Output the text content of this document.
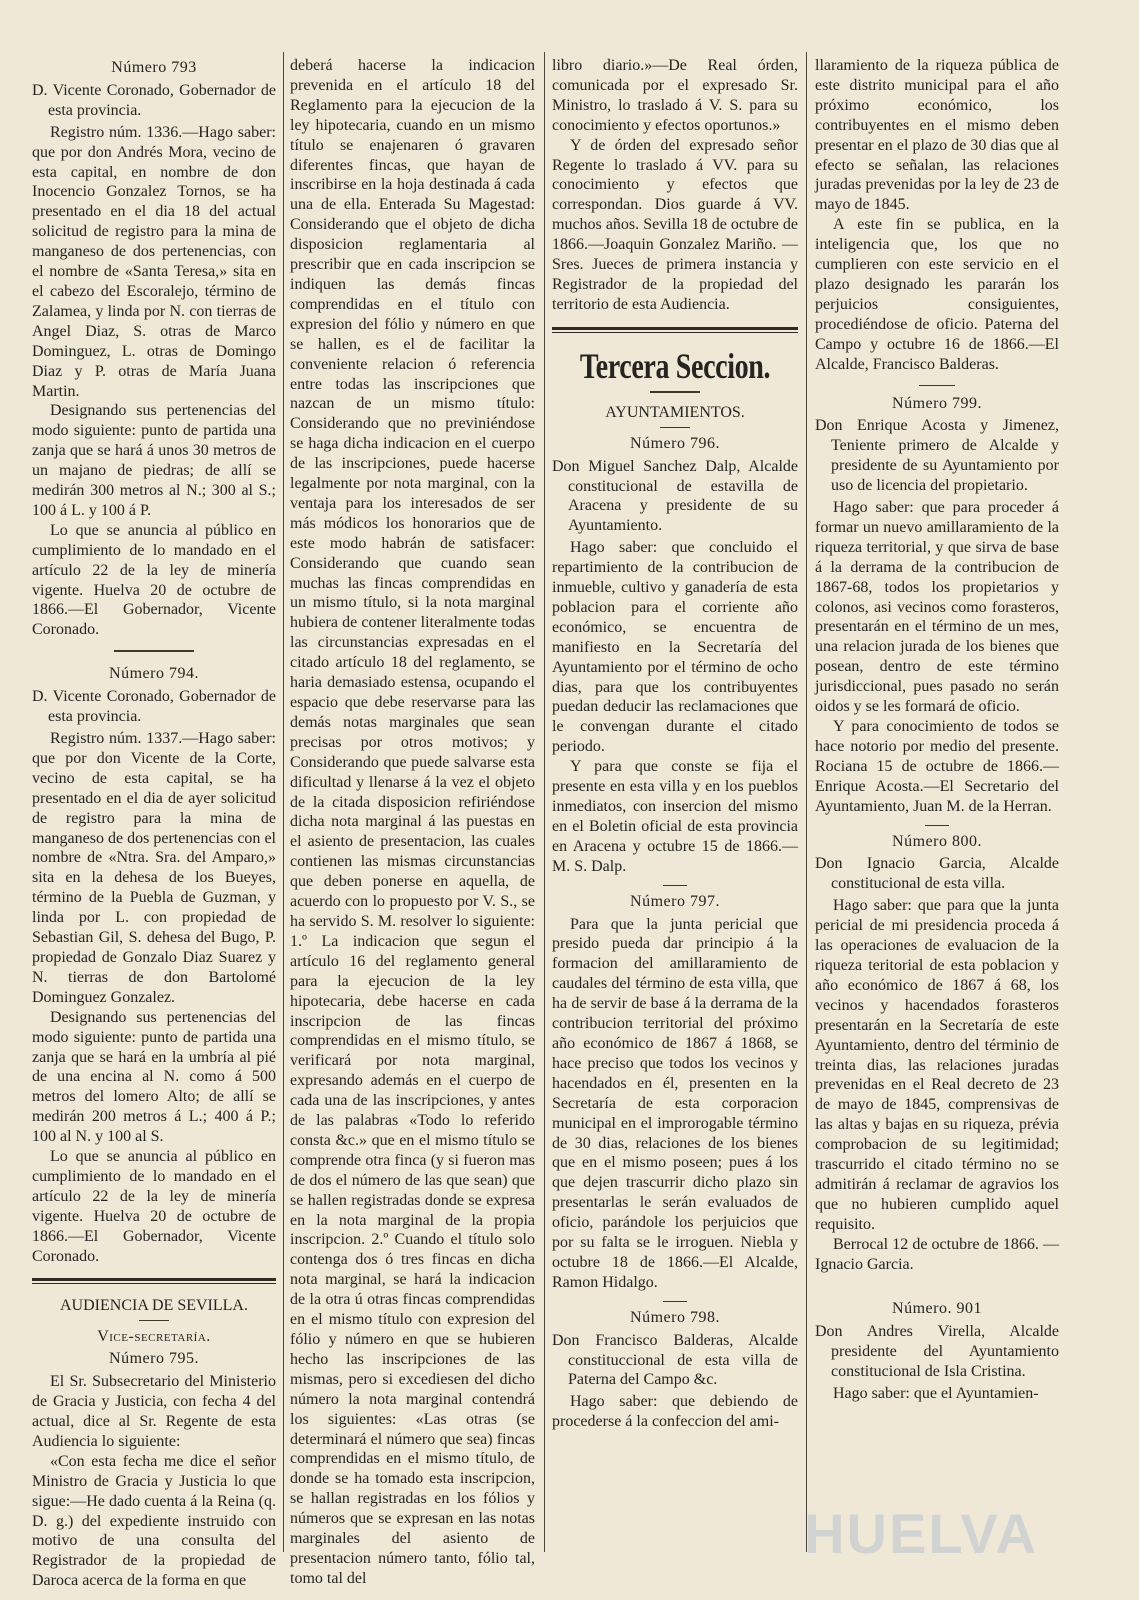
Número 793

D. Vicente Coronado, Gobernador de esta provincia.

Registro núm. 1336.—Hago saber: que por don Andrés Mora, vecino de esta capital, en nombre de don Inocencio Gonzalez Tornos, se ha presentado en el dia 18 del actual solicitud de registro para la mina de manganeso de dos pertenencias, con el nombre de «Santa Teresa,» sita en el cabezo del Escoralejo, término de Zalamea, y linda por N. con tierras de Angel Diaz, S. otras de Marco Dominguez, L. otras de Domingo Diaz y P. otras de María Juana Martin.

Designando sus pertenencias del modo siguiente: punto de partida una zanja que se hará á unos 30 metros de un majano de piedras; de allí se medirán 300 metros al N.; 300 al S.; 100 á L. y 100 á P.

Lo que se anuncia al público en cumplimiento de lo mandado en el artículo 22 de la ley de minería vigente. Huelva 20 de octubre de 1866.—El Gobernador, Vicente Coronado.

Número 794.

D. Vicente Coronado, Gobernador de esta provincia.

Registro núm. 1337.—Hago saber: que por don Vicente de la Corte, vecino de esta capital, se ha presentado en el dia de ayer solicitud de registro para la mina de manganeso de dos pertenencias con el nombre de «Ntra. Sra. del Amparo,» sita en la dehesa de los Bueyes, término de la Puebla de Guzman, y linda por L. con propiedad de Sebastian Gil, S. dehesa del Bugo, P. propiedad de Gonzalo Diaz Suarez y N. tierras de don Bartolomé Dominguez Gonzalez.

Designando sus pertenencias del modo siguiente: punto de partida una zanja que se hará en la umbría al pié de una encina al N. como á 500 metros del lomero Alto; de allí se medirán 200 metros á L.; 400 á P.; 100 al N. y 100 al S.

Lo que se anuncia al público en cumplimiento de lo mandado en el artículo 22 de la ley de minería vigente. Huelva 20 de octubre de 1866.—El Gobernador, Vicente Coronado.

AUDIENCIA DE SEVILLA.

Vice-secretaría.

Número 795.

El Sr. Subsecretario del Ministerio de Gracia y Justicia, con fecha 4 del actual, dice al Sr. Regente de esta Audiencia lo siguiente:

«Con esta fecha me dice el señor Ministro de Gracia y Justicia lo que sigue:—He dado cuenta á la Reina (q. D. g.) del expediente instruido con motivo de una consulta del Registrador de la propiedad de Daroca acerca de la forma en que

deberá hacerse la indicacion prevenida en el artículo 18 del Reglamento para la ejecucion de la ley hipotecaria, cuando en un mismo título se enajenaren ó gravaren diferentes fincas, que hayan de inscribirse en la hoja destinada á cada una de ella. Enterada Su Magestad: Considerando que el objeto de dicha disposicion reglamentaria al prescribir que en cada inscripcion se indiquen las demás fincas comprendidas en el título con expresion del fólio y número en que se hallen, es el de facilitar la conveniente relacion ó referencia entre todas las inscripciones que nazcan de un mismo título: Considerando que no previniéndose se haga dicha indicacion en el cuerpo de las inscripciones, puede hacerse legalmente por nota marginal, con la ventaja para los interesados de ser más módicos los honorarios que de este modo habrán de satisfacer: Considerando que cuando sean muchas las fincas comprendidas en un mismo título, si la nota marginal hubiera de contener literalmente todas las circunstancias expresadas en el citado artículo 18 del reglamento, se haria demasiado estensa, ocupando el espacio que debe reservarse para las demás notas marginales que sean precisas por otros motivos; y Considerando que puede salvarse esta dificultad y llenarse á la vez el objeto de la citada disposicion refiriéndose dicha nota marginal á las puestas en el asiento de presentacion, las cuales contienen las mismas circunstancias que deben ponerse en aquella, de acuerdo con lo propuesto por V. S., se ha servido S. M. resolver lo siguiente: 1.º La indicacion que segun el artículo 16 del reglamento general para la ejecucion de la ley hipotecaria, debe hacerse en cada inscripcion de las fincas comprendidas en el mismo título, se verificará por nota marginal, expresando además en el cuerpo de cada una de las inscripciones, y antes de las palabras «Todo lo referido consta &c.» que en el mismo título se comprende otra finca (y si fueron mas de dos el número de las que sean) que se hallen registradas donde se expresa en la nota marginal de la propia inscripcion. 2.º Cuando el título solo contenga dos ó tres fincas en dicha nota marginal, se hará la indicacion de la otra ú otras fincas comprendidas en el mismo título con expresion del fólio y número en que se hubieren hecho las inscripciones de las mismas, pero si excediesen del dicho número la nota marginal contendrá los siguientes: «Las otras (se determinará el número que sea) fincas comprendidas en el mismo título, de donde se ha tomado esta inscripcion, se hallan registradas en los fólios y números que se expresan en las notas marginales del asiento de presentacion número tanto, fólio tal, tomo tal del

libro diario.»—De Real órden, comunicada por el expresado Sr. Ministro, lo traslado á V. S. para su conocimiento y efectos oportunos.»

Y de órden del expresado señor Regente lo traslado á VV. para su conocimiento y efectos que correspondan. Dios guarde á VV. muchos años. Sevilla 18 de octubre de 1866.—Joaquin Gonzalez Mariño. —Sres. Jueces de primera instancia y Registrador de la propiedad del territorio de esta Audiencia.

Tercera Seccion.

AYUNTAMIENTOS.

Número 796.

Don Miguel Sanchez Dalp, Alcalde constitucional de estavilla de Aracena y presidente de su Ayuntamiento.

Hago saber: que concluido el repartimiento de la contribucion de inmueble, cultivo y ganadería de esta poblacion para el corriente año económico, se encuentra de manifiesto en la Secretaría del Ayuntamiento por el término de ocho dias, para que los contribuyentes puedan deducir las reclamaciones que le convengan durante el citado periodo.

Y para que conste se fija el presente en esta villa y en los pueblos inmediatos, con insercion del mismo en el Boletin oficial de esta provincia en Aracena y octubre 15 de 1866.—M. S. Dalp.

Número 797.

Para que la junta pericial que presido pueda dar principio á la formacion del amillaramiento de caudales del término de esta villa, que ha de servir de base á la derrama de la contribucion territorial del próximo año económico de 1867 á 1868, se hace preciso que todos los vecinos y hacendados en él, presenten en la Secretaría de esta corporacion municipal en el improrogable término de 30 dias, relaciones de los bienes que en el mismo poseen; pues á los que dejen trascurrir dicho plazo sin presentarlas le serán evaluados de oficio, parándole los perjuicios que por su falta se le irroguen. Niebla y octubre 18 de 1866.—El Alcalde, Ramon Hidalgo.

Número 798.

Don Francisco Balderas, Alcalde constituccional de esta villa de Paterna del Campo &c.

Hago saber: que debiendo de procederse á la confeccion del ami-

llaramiento de la riqueza pública de este distrito municipal para el año próximo económico, los contribuyentes en el mismo deben presentar en el plazo de 30 dias que al efecto se señalan, las relaciones juradas prevenidas por la ley de 23 de mayo de 1845.

A este fin se publica, en la inteligencia que, los que no cumplieren con este servicio en el plazo designado les pararán los perjuicios consiguientes, procediéndose de oficio. Paterna del Campo y octubre 16 de 1866.—El Alcalde, Francisco Balderas.

Número 799.

Don Enrique Acosta y Jimenez, Teniente primero de Alcalde y presidente de su Ayuntamiento por uso de licencia del propietario.

Hago saber: que para proceder á formar un nuevo amillaramiento de la riqueza territorial, y que sirva de base á la derrama de la contribucion de 1867-68, todos los propietarios y colonos, asi vecinos como forasteros, presentarán en el término de un mes, una relacion jurada de los bienes que posean, dentro de este término jurisdiccional, pues pasado no serán oidos y se les formará de oficio.

Y para conocimiento de todos se hace notorio por medio del presente. Rociana 15 de octubre de 1866.—Enrique Acosta.—El Secretario del Ayuntamiento, Juan M. de la Herran.

Número 800.

Don Ignacio Garcia, Alcalde constitucional de esta villa.

Hago saber: que para que la junta pericial de mi presidencia proceda á las operaciones de evaluacion de la riqueza teritorial de esta poblacion y año económico de 1867 á 68, los vecinos y hacendados forasteros presentarán en la Secretaría de este Ayuntamiento, dentro del términio de treinta dias, las relaciones juradas prevenidas en el Real decreto de 23 de mayo de 1845, comprensivas de las altas y bajas en su riqueza, prévia comprobacion de su legitimidad; trascurrido el citado término no se admitirán á reclamar de agravios los que no hubieren cumplido aquel requisito.

Berrocal 12 de octubre de 1866. —Ignacio Garcia.

Número. 901

Don Andres Virella, Alcalde presidente del Ayuntamiento constitucional de Isla Cristina.

Hago saber: que el Ayuntamien-

HUELVA
